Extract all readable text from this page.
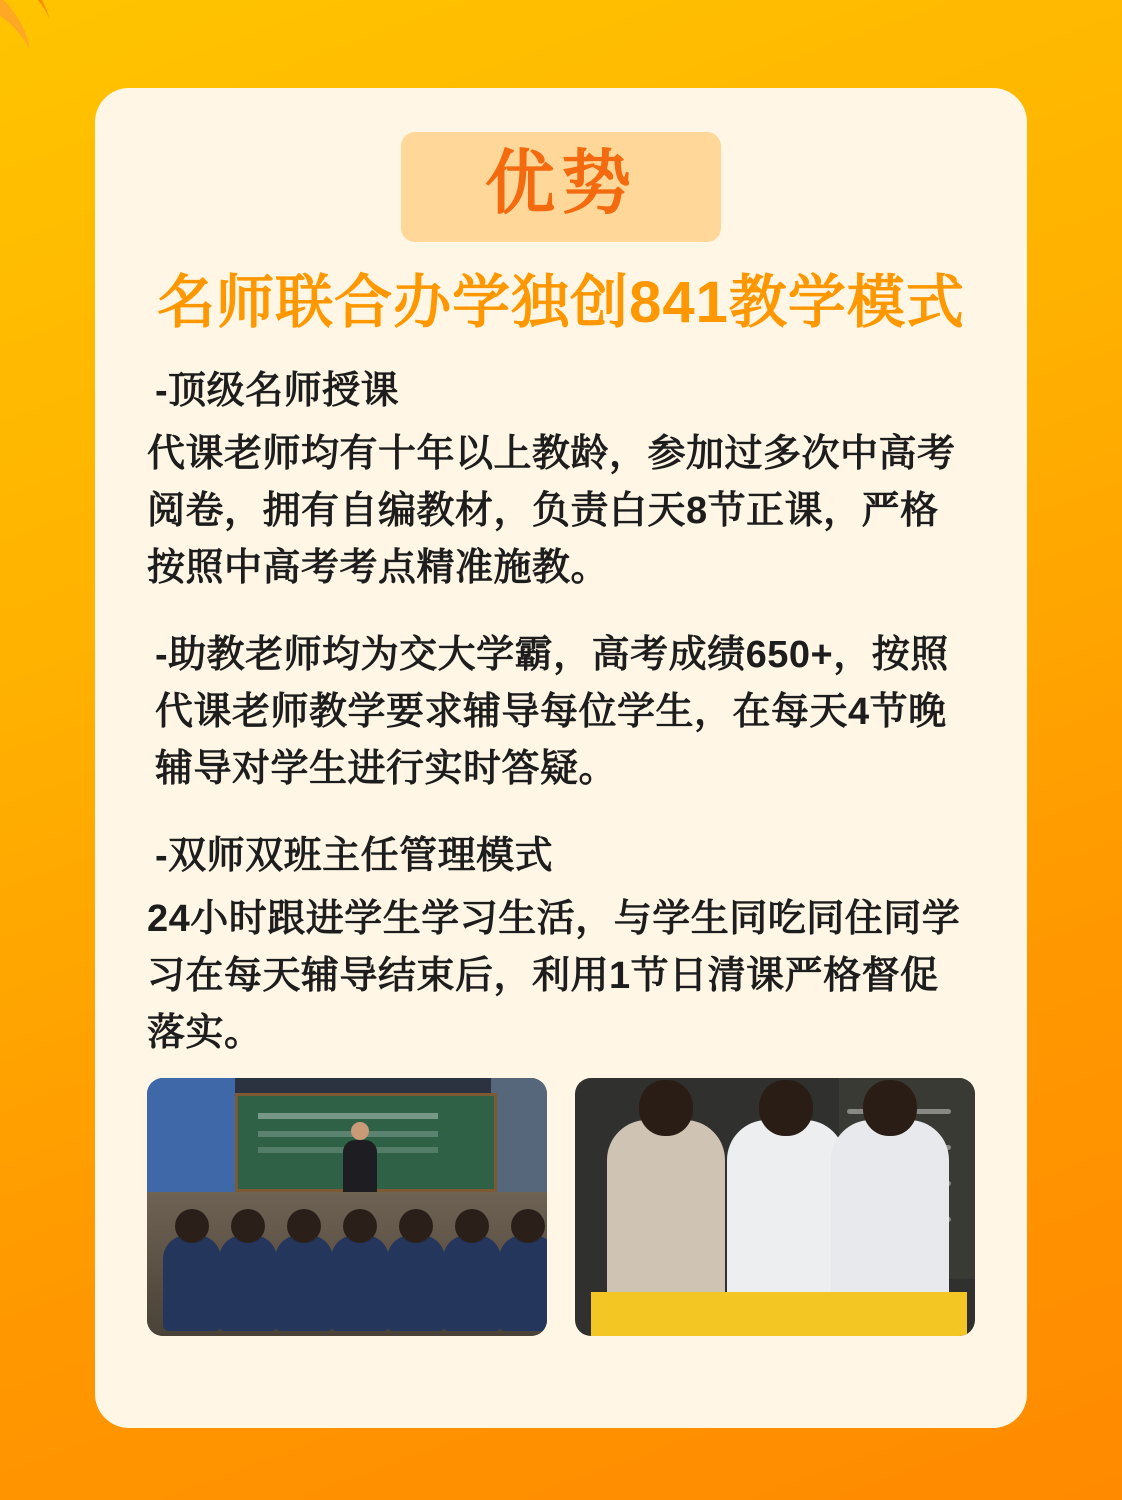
优势
名师联合办学独创841教学模式

-顶级名师授课

代课老师均有十年以上教龄，参加过多次中高考阅卷，拥有自编教材，负责白天8节正课，严格按照中高考考点精准施教。

-助教老师均为交大学霸，高考成绩650+，按照代课老师教学要求辅导每位学生，在每天4节晚辅导对学生进行实时答疑。

-双师双班主任管理模式

24小时跟进学生学习生活，与学生同吃同住同学习在每天辅导结束后，利用1节日清课严格督促落实。
